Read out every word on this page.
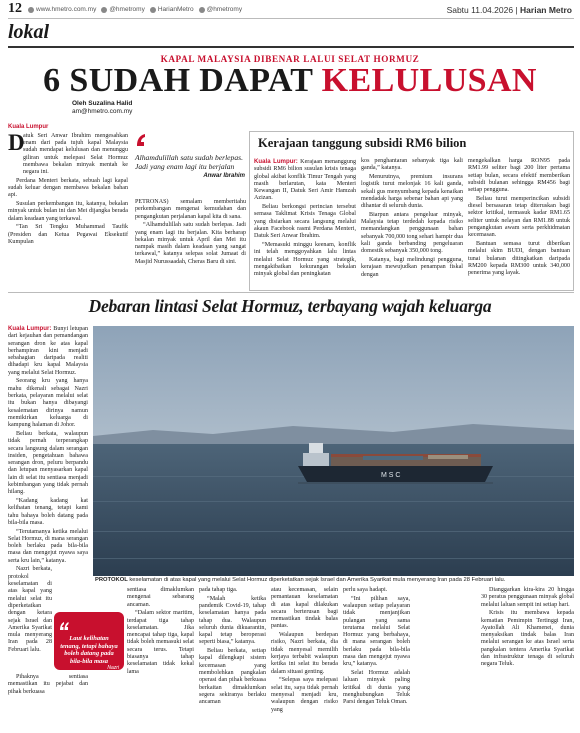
12 www.hmetro.com.my @hmetromy HarianMetro @hmetromy	Sabtu 11.04.2026 | Harian Metro
lokal
KAPAL MALAYSIA DIBENAR LALUI SELAT HORMUZ
6 SUDAH DAPAT KELULUSAN
Oleh Suzalina Halid
am@hmetro.com.my

Kuala Lumpur

D
atuk Seri Anwar Ibrahim mengesahkan enam dari pada tujuh kapal Malaysia sudah mendapat kelulusan dan menunggu giliran untuk melepasi Selat Hormuz membawa bekalan minyak mentah ke negara ini.

Perdana Menteri berkata, sebuah lagi kapal sudah keluar dengan membawa bekalan bahan api.

Susulan perkembangan itu, katanya, bekalan minyak untuk bulan ini dan Mei dijangka berada dalam keadaan yang terkawal.

“Tan Sri Tengku Muhammad Taufik (Presiden dan Ketua Pegawai Eksekutif Kumpulan

Alhamdulillah satu sudah berlepas. Jadi yang enam lagi itu berjalan
Anwar Ibrahim

PETRONAS) semalam memberitahu perkembangan mengenai kemudahan dan pengangkutan perjalanan kapal kita di sana.

“Alhamdulillah satu sudah berlepas. Jadi yang enam lagi itu berjalan. Kita berharap bekalan minyak untuk April dan Mei itu nampak masih dalam keadaan yang sangat terkawal,” katanya selepas solat Jumaat di Masjid Nurussaadah, Cheras Baru di sini.

Kerajaan tanggung subsidi RM6 bilion

Kuala Lumpur: Kerajaan menanggung subsidi RM6 bilion susulan krisis tenaga global akibat konflik Timur Tengah yang masih berlarutan, kata Menteri Kewangan II, Datuk Seri Amir Hamzah Azizan.

Beliau berkongsi perincian tersebut semasa Taklimat Krisis Tenaga Global yang disiarkan secara langsung melalui akaun Facebook rasmi Perdana Menteri, Datuk Seri Anwar Ibrahim.

“Memasuki minggu keenam, konflik ini telah menggoyahkan lalu lintas melalui Selat Hormuz yang strategik, mengakibatkan kekurangan bekalan minyak global dan peningkatan

kos penghantaran sebanyak tiga kali ganda,” katanya.

Menurutnya, premium insurans logistik turut melonjak 16 kali ganda, sekali gus menyumbang kepada kenaikan mendadak harga sebenar bahan api yang dihantar di seluruh dunia.

Biarpun antara pengeluar minyak, Malaysia tetap terdedah kepada risiko memandangkan penggunaan bahan sebanyak 700,000 tong sehari hampir dua kali ganda berbanding pengeluaran domestik sebanyak 350,000 tong.

Katanya, bagi melindungi pengguna, kerajaan mewujudkan penampan fiskal dengan

mengekalkan harga RON95 pada RM1.99 seliter bagi 200 liter pertama setiap bulan, secara efektif memberikan subsidi bulanan sehingga RM456 bagi setiap pengguna.

Beliau turut memperincikan subsidi diesel bersasaran tetap diteruskan bagi sektor kritikal, termasuk kadar RM1.65 seliter untuk nelayan dan RM1.88 untuk pengangkutan awam serta perkhidmatan kecemasan.

Bantuan semasa turut diberikan melalui skim BUDI, dengan bantuan tunai bulanan ditingkatkan daripada RM200 kepada RM300 untuk 340,000 penerima yang layak.

Debaran lintasi Selat Hormuz, terbayang wajah keluarga

Kuala Lumpur: Bunyi letupan dari kejauhan dan pemandangan serangan dron ke atas kapal berhampiran kini menjadi sebahagian daripada realiti dihadapi kru kapal Malaysia yang melalui Selat Hormuz.

Seorang kru yang hanya mahu dikenali sebagai Nazri berkata, pelayaran melalui selat itu bukan hanya dibayangi kesalematan dirinya namun memikirkan keluarga di kampung halaman di Johor.

Beliau berkata, walaupun tidak pernah terperangkap secara langsung dalam serangan insiden, pengetahuan bahawa serangan dron, peluru berpandu dan letupan menyasarkan kapal lain di selat itu sentiasa menjadi kebimbangan yang tidak pernah hilang.

“Kadang kadang kat kelihatan tenang, tetapi kami tahu bahaya boleh datang pada bila-bila masa.

“Terutamanya ketika melalui Selat Hormuz, di mana serangan boleh berlaku pada bila-bila masa dan mengejut nyawa saya serta kru lain,” katanya.

Nazri berkata, protokol keselamatan di atas kapal yang melalui selat itu diperketatkan dengan ketara sejak Israel dan Amerika Syarikat mula menyerang Iran pada 28 Februari lalu.

Pihaknya sentiasa memastikan itu pejabat dan pihak berkuasa

M S C
PROTOKOL keselamatan di atas kapal yang melalui Selat Hormuz diperketatkan sejak Israel dan Amerika Syarikat mula menyerang Iran pada 28 Februari lalu.
Laut kelihatan tenang, tetapi bahaya boleh datang pada bila-bila masa
Nazri

sentiasa dimaklumkan mengenai sebarang ancaman.

“Dalam sektor maritim, terdapat tiga tahap keselamatan. Jika mencapai tahap tiga, kapal tidak boleh memasuki selat secara terus. Tetapi biasanya tahap keselamatan tidak kekal lama

pada tahap tiga.

“Malah ketika pandemik Covid-19, tahap keselamatan hanya pada tahap dua. Walaupun seluruh dunia dikuarantin, kapal tetap beroperasi seperti biasa,” katanya.

Beliau berkata, setiap kapal dilengkapi sistem kecemasan yang membolehkan pangkalan operasi dan pihak berkuasa berkaitan dimaklumkan segera sekiranya berlaku ancaman

atau kecemasan, selain pemantauan keselamatan di atas kapal dilakukan secara berterusan bagi memastikan tindak balas pantas.

Walaupun berdepan risiko, Nazri berkata, dia tidak menyesal memilih kerjaya terbabit walaupun ketika ini selat itu berada dalam situasi genting.

“Selepas saya melepasi selat itu, saya tidak pernah menyesal menjadi kru, walaupun dengan risiko yang

perlu saya hadapi.

“Ini pilihan saya, walaupun setiap pelayaran tidak menjanjikan pulangan yang sama terutama melalui Selat Hormuz yang berbahaya, di mana serangan boleh berlaku pada bila-bila masa dan mengejut nyawa kru,” katanya.

Selat Hormuz adalah laluan minyak paling kritikal di dunia yang menghubungkan Teluk Parsi dengan Teluk Oman.

Dianggarkan kira-kira 20 hingga 30 peratus penggunaan minyak global melalui laluan sempit ini setiap hari.

Krisis itu membawa kepada kematian Pemimpin Tertinggi Iran, Ayatollah Ali Khamenei, dunia menyaksikan tindak balas Iran melalui serangan ke atas Israel serta pangkalan tentera Amerika Syarikat dan infrastruktur tenaga di seluruh negara Teluk.
